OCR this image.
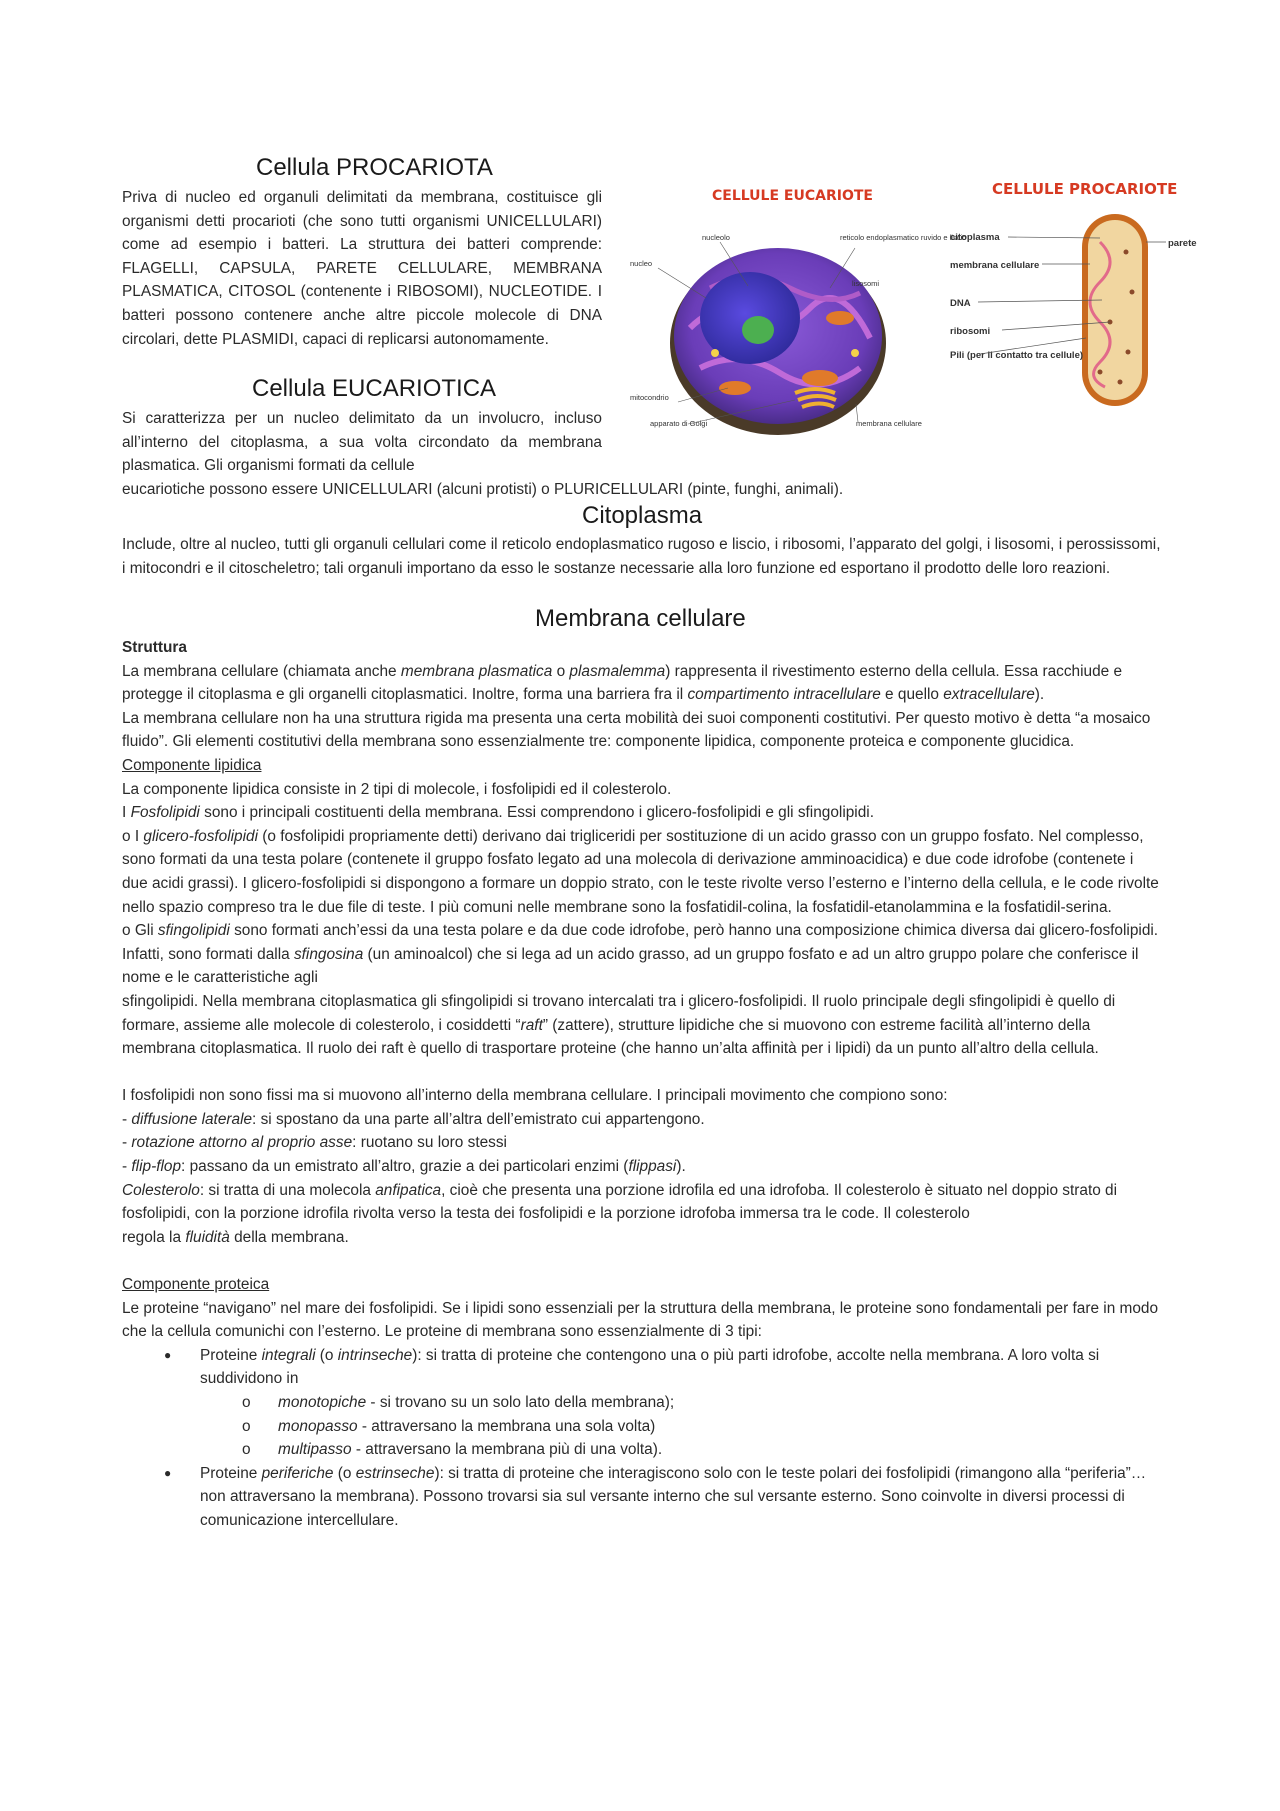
Cellula PROCARIOTA

Priva di nucleo ed organuli delimitati da membrana, costituisce gli organismi detti procarioti (che sono tutti organismi UNICELLULARI) come ad esempio i batteri. La struttura dei batteri comprende: FLAGELLI, CAPSULA, PARETE CELLULARE, MEMBRANA PLASMATICA, CITOSOL (contenente i RIBOSOMI), NUCLEOTIDE. I batteri possono contenere anche altre piccole molecole di DNA circolari, dette PLASMIDI, capaci di replicarsi autonomamente.

Cellula EUCARIOTICA

Si caratterizza per un nucleo delimitato da un involucro, incluso all’interno del citoplasma, a sua volta circondato da membrana plasmatica. Gli organismi formati da cellule

eucariotiche possono essere UNICELLULARI (alcuni protisti) o PLURICELLULARI (pinte, funghi, animali).

CELLULE EUCARIOTE
nucleolo
nucleo
reticolo endoplasmatico ruvido e liscio
lisosomi
mitocondrio
apparato di Golgi	membrana cellulare
CELLULE PROCARIOTE
citoplasma
membrana cellulare
DNA
ribosomi
Pili (per il contatto tra cellule)
parete
Citoplasma

Include, oltre al nucleo, tutti gli organuli cellulari come il reticolo endoplasmatico rugoso e liscio, i ribosomi, l’apparato del golgi, i lisosomi, i perossissomi, i mitocondri e il citoscheletro; tali organuli importano da esso le sostanze necessarie alla loro funzione ed esportano il prodotto delle loro reazioni.

Membrana cellulare

Struttura

La membrana cellulare (chiamata anche membrana plasmatica o plasmalemma) rappresenta il rivestimento esterno della cellula. Essa racchiude e protegge il citoplasma e gli organelli citoplasmatici. Inoltre, forma una barriera fra il compartimento intracellulare e quello extracellulare).

La membrana cellulare non ha una struttura rigida ma presenta una certa mobilità dei suoi componenti costitutivi. Per questo motivo è detta “a mosaico fluido”. Gli elementi costitutivi della membrana sono essenzialmente tre: componente lipidica, componente proteica e componente glucidica.

Componente lipidica

La componente lipidica consiste in 2 tipi di molecole, i fosfolipidi ed il colesterolo.

I Fosfolipidi sono i principali costituenti della membrana. Essi comprendono i glicero-fosfolipidi e gli sfingolipidi.

o I glicero-fosfolipidi (o fosfolipidi propriamente detti) derivano dai trigliceridi per sostituzione di un acido grasso con un gruppo fosfato. Nel complesso, sono formati da una testa polare (contenete il gruppo fosfato legato ad una molecola di derivazione amminoacidica) e due code idrofobe (contenete i due acidi grassi). I glicero-fosfolipidi si dispongono a formare un doppio strato, con le teste rivolte verso l’esterno e l’interno della cellula, e le code rivolte nello spazio compreso tra le due file di teste. I più comuni nelle membrane sono la fosfatidil-colina, la fosfatidil-etanolammina e la fosfatidil-serina.

o Gli sfingolipidi sono formati anch’essi da una testa polare e da due code idrofobe, però hanno una composizione chimica diversa dai glicero-fosfolipidi. Infatti, sono formati dalla sfingosina (un aminoalcol) che si lega ad un acido grasso, ad un gruppo fosfato e ad un altro gruppo polare che conferisce il nome e le caratteristiche agli

sfingolipidi. Nella membrana citoplasmatica gli sfingolipidi si trovano intercalati tra i glicero-fosfolipidi. Il ruolo principale degli sfingolipidi è quello di formare, assieme alle molecole di colesterolo, i cosiddetti “raft” (zattere), strutture lipidiche che si muovono con estreme facilità all’interno della membrana citoplasmatica. Il ruolo dei raft è quello di trasportare proteine (che hanno un’alta affinità per i lipidi) da un punto all’altro della cellula.

I fosfolipidi non sono fissi ma si muovono all’interno della membrana cellulare. I principali movimento che compiono sono:

- diffusione laterale: si spostano da una parte all’altra dell’emistrato cui appartengono.

- rotazione attorno al proprio asse: ruotano su loro stessi

- flip-flop: passano da un emistrato all’altro, grazie a dei particolari enzimi (flippasi).

Colesterolo: si tratta di una molecola anfipatica, cioè che presenta una porzione idrofila ed una idrofoba. Il colesterolo è situato nel doppio strato di fosfolipidi, con la porzione idrofila rivolta verso la testa dei fosfolipidi e la porzione idrofoba immersa tra le code. Il colesterolo

regola la fluidità della membrana.

Componente proteica

Le proteine “navigano” nel mare dei fosfolipidi. Se i lipidi sono essenziali per la struttura della membrana, le proteine sono fondamentali per fare in modo che la cellula comunichi con l’esterno. Le proteine di membrana sono essenzialmente di 3 tipi:

● Proteine integrali (o intrinseche): si tratta di proteine che contengono una o più parti idrofobe, accolte nella membrana. A loro volta si suddividono in
o monotopiche - si trovano su un solo lato della membrana);
o monopasso - attraversano la membrana una sola volta)
o multipasso - attraversano la membrana più di una volta).
● Proteine periferiche (o estrinseche): si tratta di proteine che interagiscono solo con le teste polari dei fosfolipidi (rimangono alla “periferia”… non attraversano la membrana). Possono trovarsi sia sul versante interno che sul versante esterno. Sono coinvolte in diversi processi di comunicazione intercellulare.
